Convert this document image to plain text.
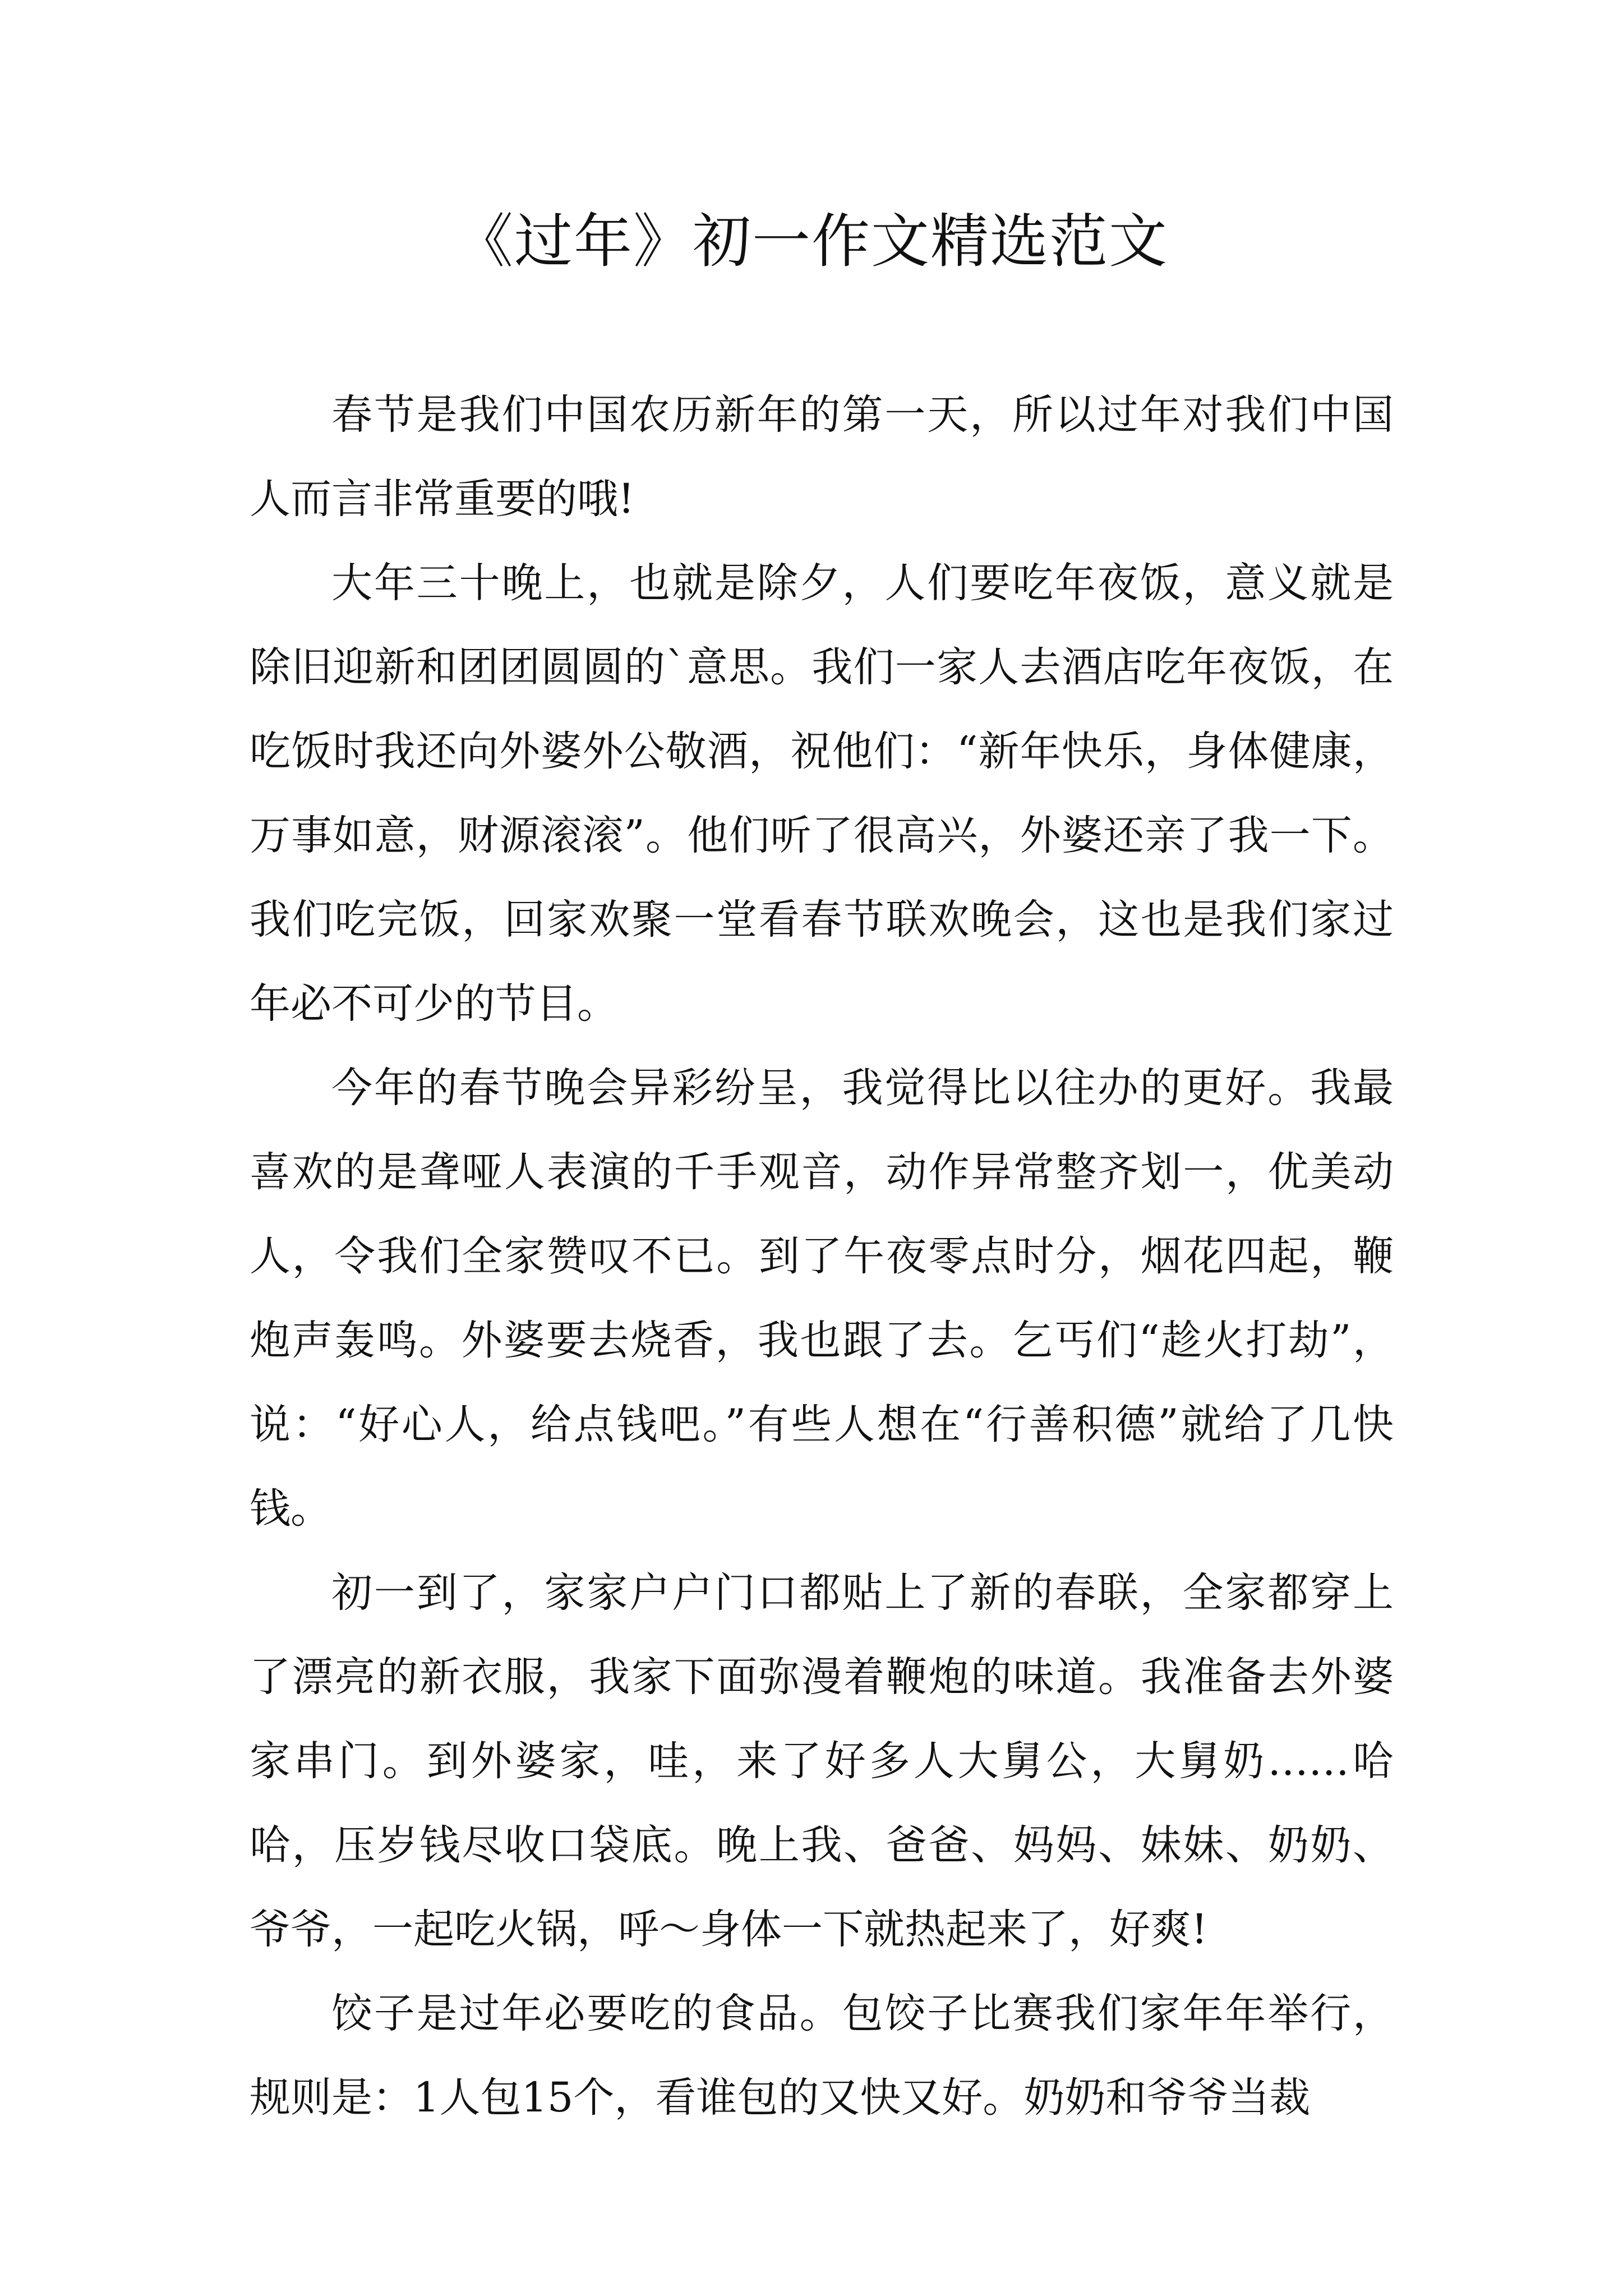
《过年》初一作文精选范文

春节是我们中国农历新年的第一天，所以过年对我们中国人而言非常重要的哦!

大年三十晚上，也就是除夕，人们要吃年夜饭，意义就是除旧迎新和团团圆圆的`意思。我们一家人去酒店吃年夜饭，在吃饭时我还向外婆外公敬酒，祝他们：“新年快乐，身体健康，万事如意，财源滚滚”。他们听了很高兴，外婆还亲了我一下。我们吃完饭，回家欢聚一堂看春节联欢晚会，这也是我们家过年必不可少的节目。

今年的春节晚会异彩纷呈，我觉得比以往办的更好。我最喜欢的是聋哑人表演的千手观音，动作异常整齐划一，优美动人，令我们全家赞叹不已。到了午夜零点时分，烟花四起，鞭炮声轰鸣。外婆要去烧香，我也跟了去。乞丐们“趁火打劫”，说：“好心人，给点钱吧。”有些人想在“行善积德”就给了几快钱。

初一到了，家家户户门口都贴上了新的春联，全家都穿上了漂亮的新衣服，我家下面弥漫着鞭炮的味道。我准备去外婆家串门。到外婆家，哇，来了好多人大舅公，大舅奶……哈哈，压岁钱尽收口袋底。晚上我、爸爸、妈妈、妹妹、奶奶、爷爷，一起吃火锅，呼～身体一下就热起来了，好爽!

饺子是过年必要吃的食品。包饺子比赛我们家年年举行，规则是：1人包15个，看谁包的又快又好。奶奶和爷爷当裁
